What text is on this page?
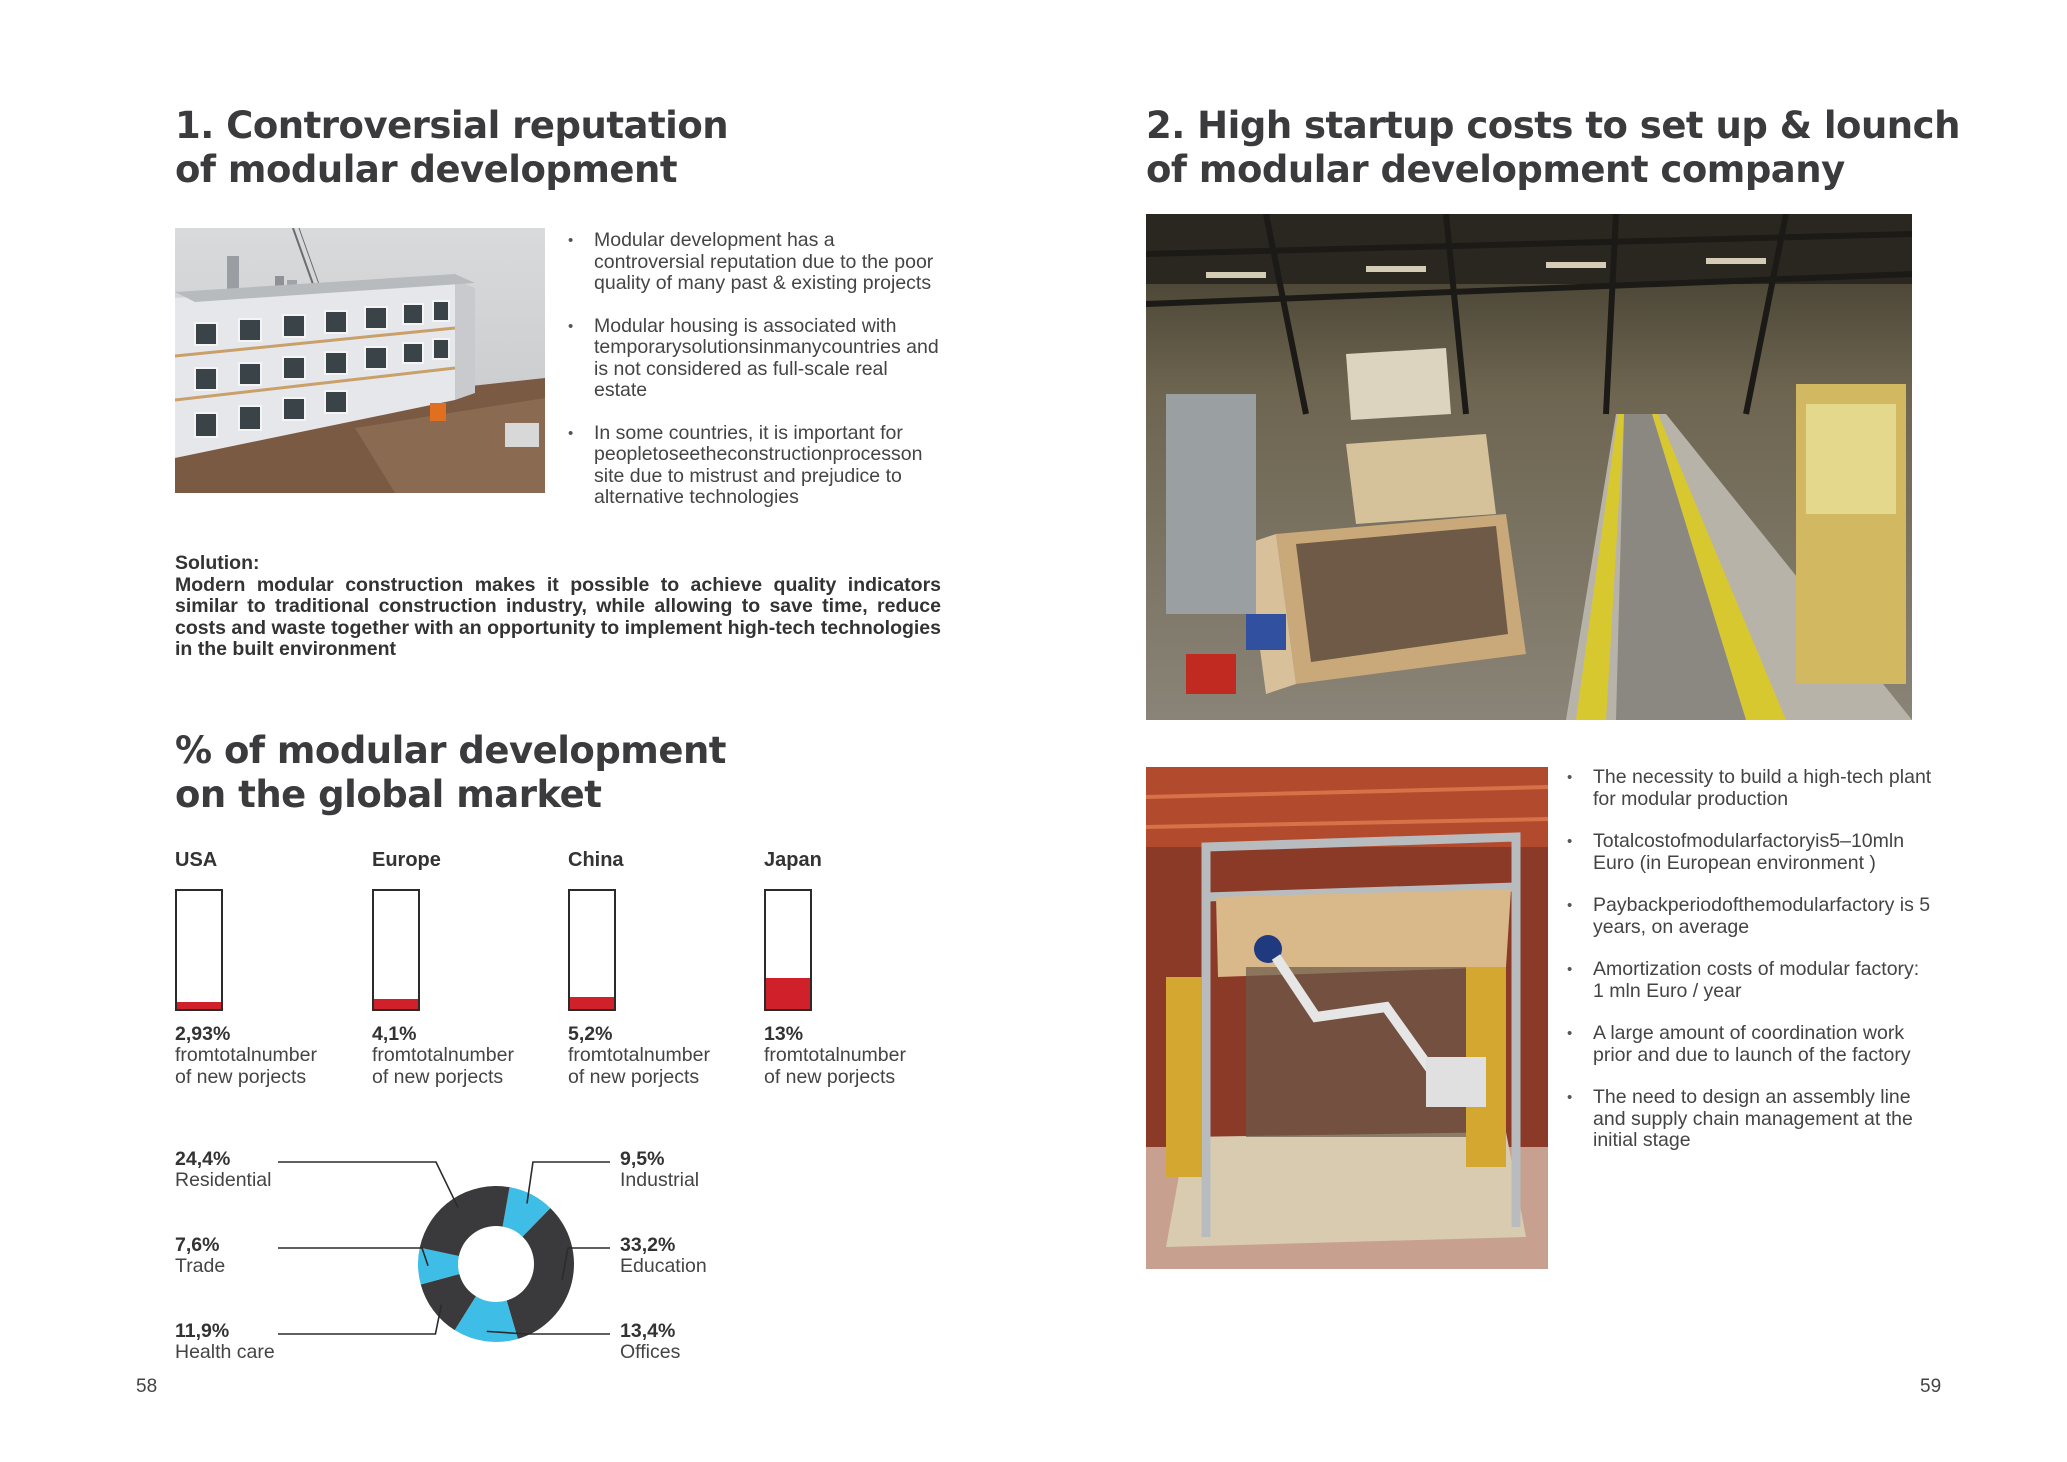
1. Controversial reputation
of modular development
• Modular development has a controversial reputation due to the poor quality of many past & existing projects
• Modular housing is associated with temporarysolutionsinmanycountries and is not considered as full-scale real estate
• In some countries, it is important for peopletoseetheconstructionprocesson site due to mistrust and prejudice to alternative technologies
Solution:
Modern modular construction makes it possible to achieve quality indicators similar to traditional construction industry, while allowing to save time, reduce costs and waste together with an opportunity to implement high-tech technologies in the built environment
% of modular development
on the global market
USA
2,93%
fromtotalnumber
of new porjects
Europe
4,1%
fromtotalnumber
of new porjects
China
5,2%
fromtotalnumber
of new porjects
Japan
13%
fromtotalnumber
of new porjects
9,5%
Industrial
33,2%
Education
13,4%
Offices
11,9%
Health care
7,6%
Trade
24,4%
Residential
58
2. High startup costs to set up & lounch
of modular development company
• The necessity to build a high-tech plant for modular production
• Totalcostofmodularfactoryis5–10mln Euro (in European environment )
• Paybackperiodofthemodularfactory is 5 years, on average
• Amortization costs of modular factory:
1 mln Euro / year
• A large amount of coordination work prior and due to launch of the factory
• The need to design an assembly line and supply chain management at the initial stage
59
